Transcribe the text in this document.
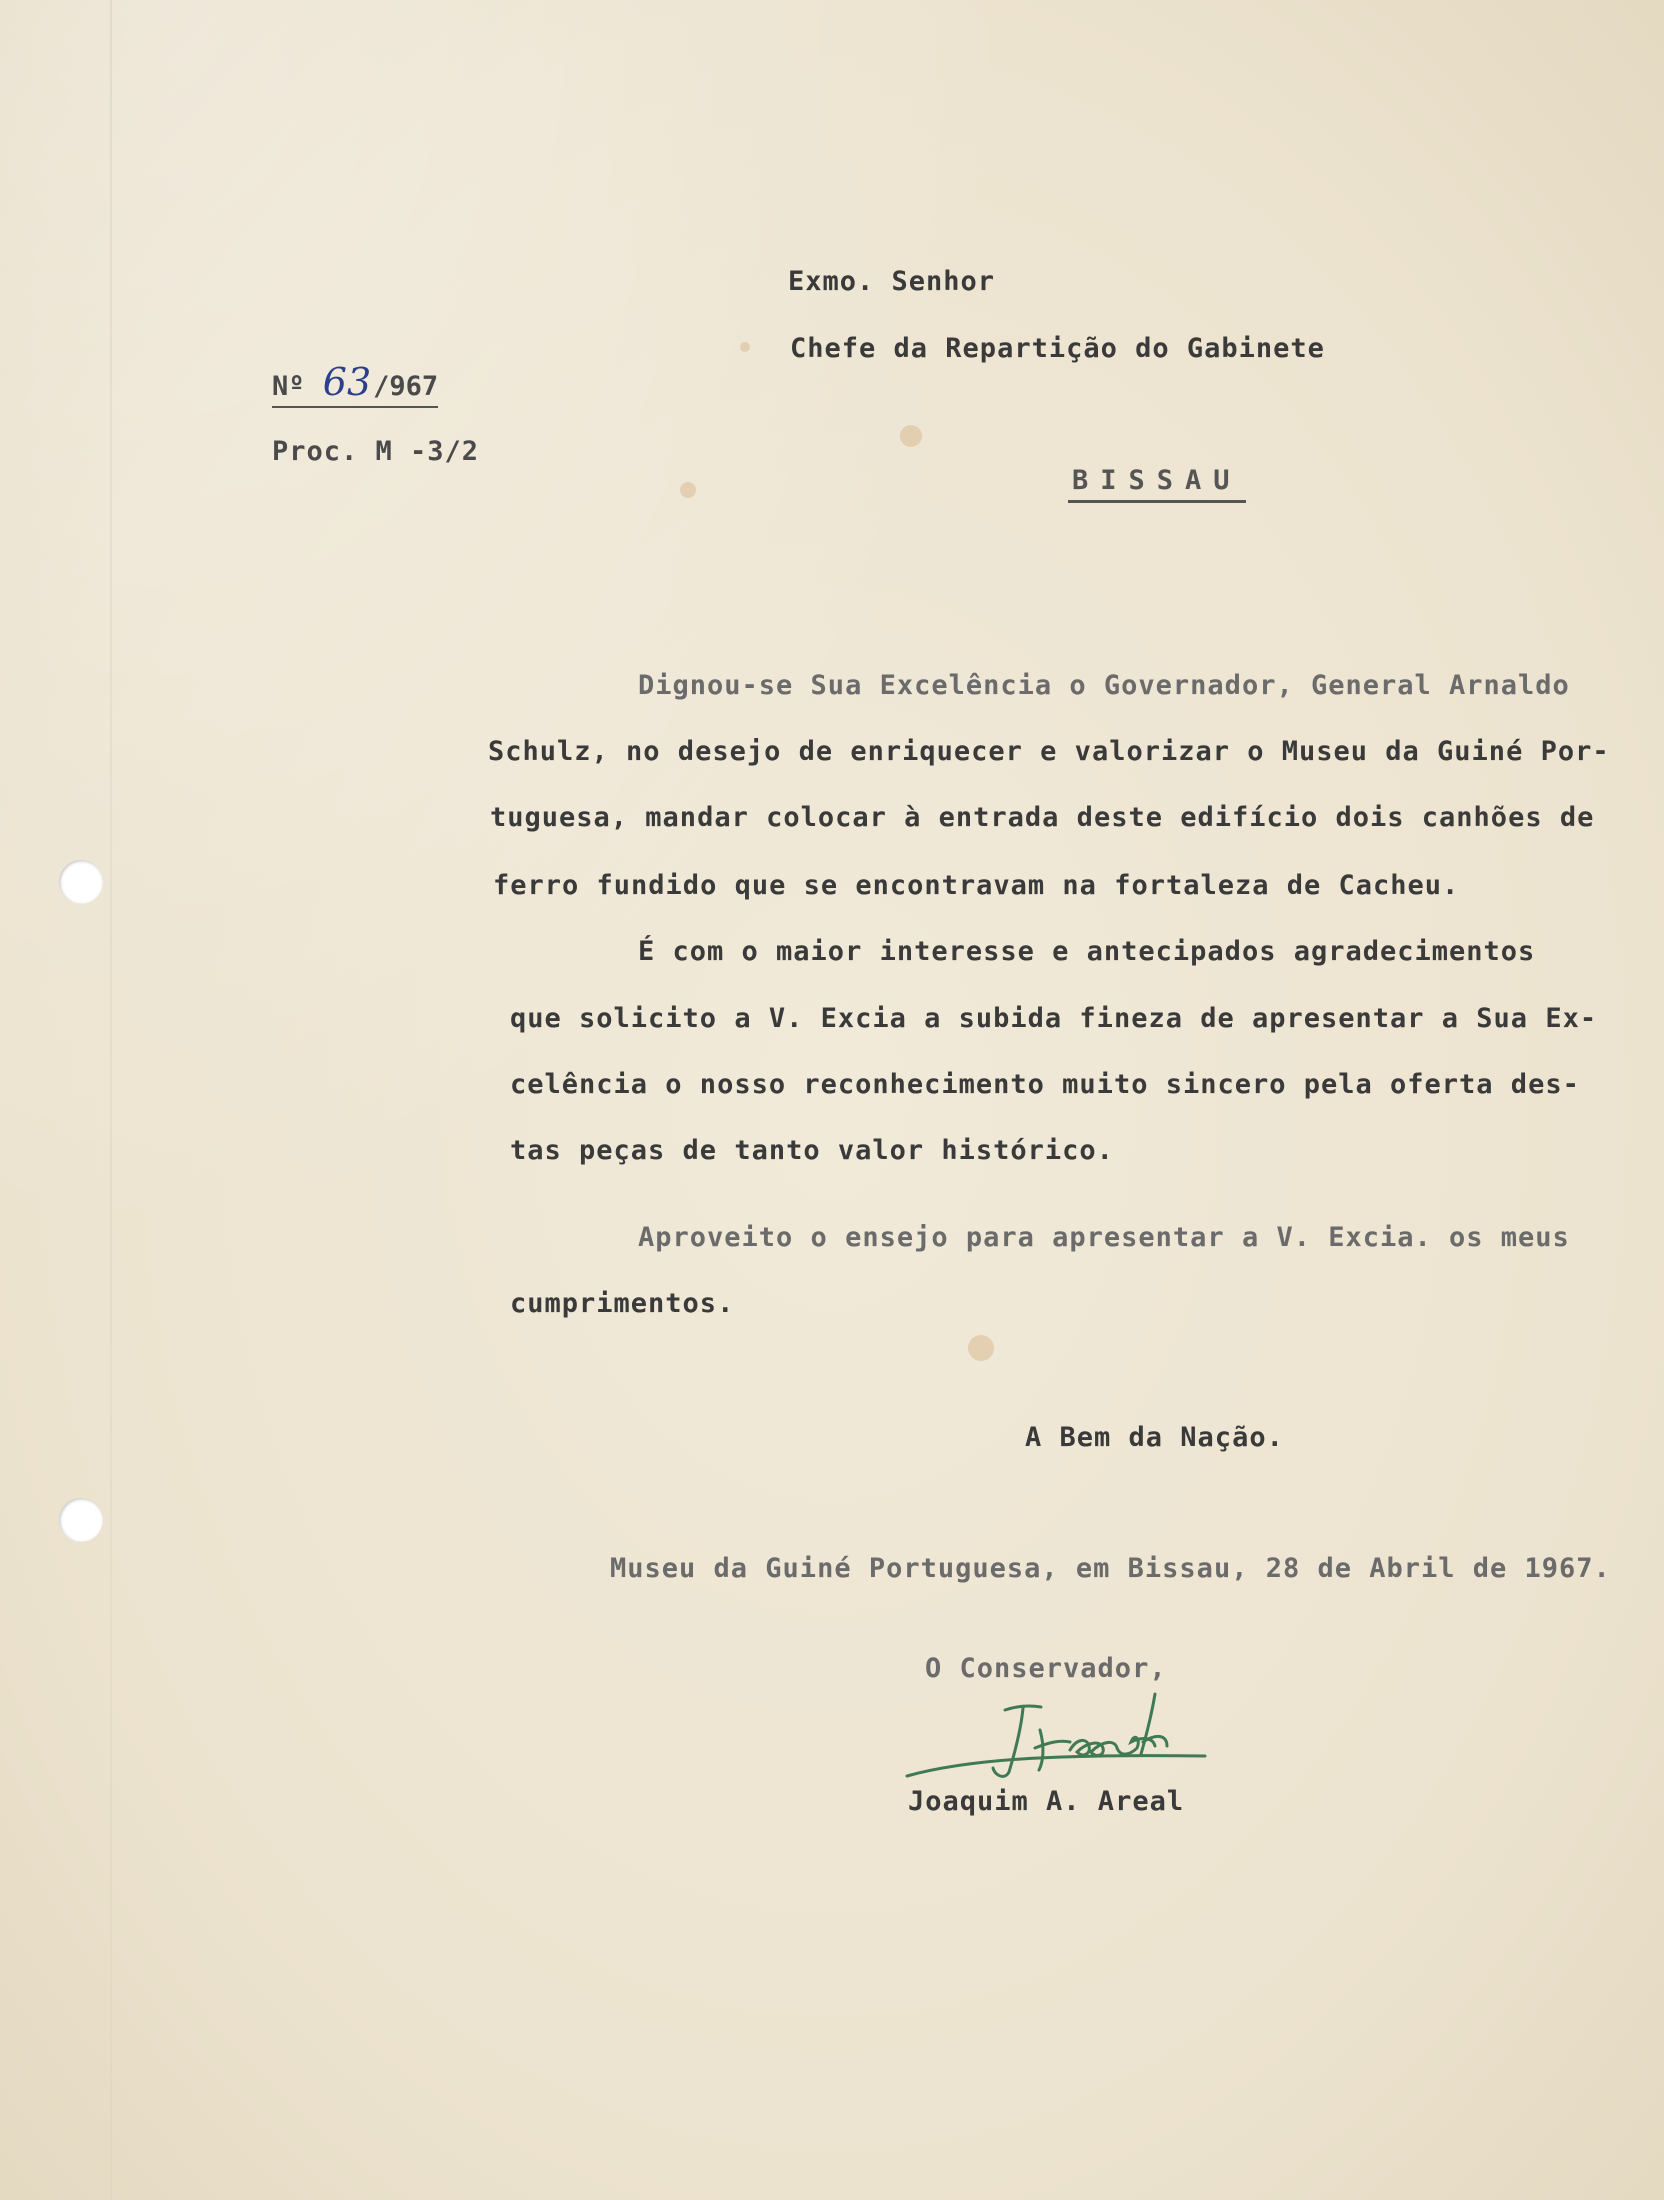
Exmo. Senhor
Chefe da Repartição do Gabinete
BISSAU
Nº 63/967
Proc. M -3/2
Dignou-se Sua Excelência o Governador, General Arnaldo
Schulz, no desejo de enriquecer e valorizar o Museu da Guiné Por-
tuguesa, mandar colocar à entrada deste edifício dois canhões de
ferro fundido que se encontravam na fortaleza de Cacheu.
É com o maior interesse e antecipados agradecimentos
que solicito a V. Excia a subida fineza de apresentar a Sua Ex-
celência o nosso reconhecimento muito sincero pela oferta des-
tas peças de tanto valor histórico.
Aproveito o ensejo para apresentar a V. Excia. os meus
cumprimentos.
A Bem da Nação.
Museu da Guiné Portuguesa, em Bissau, 28 de Abril de 1967.
O Conservador,
Joaquim A. Areal
